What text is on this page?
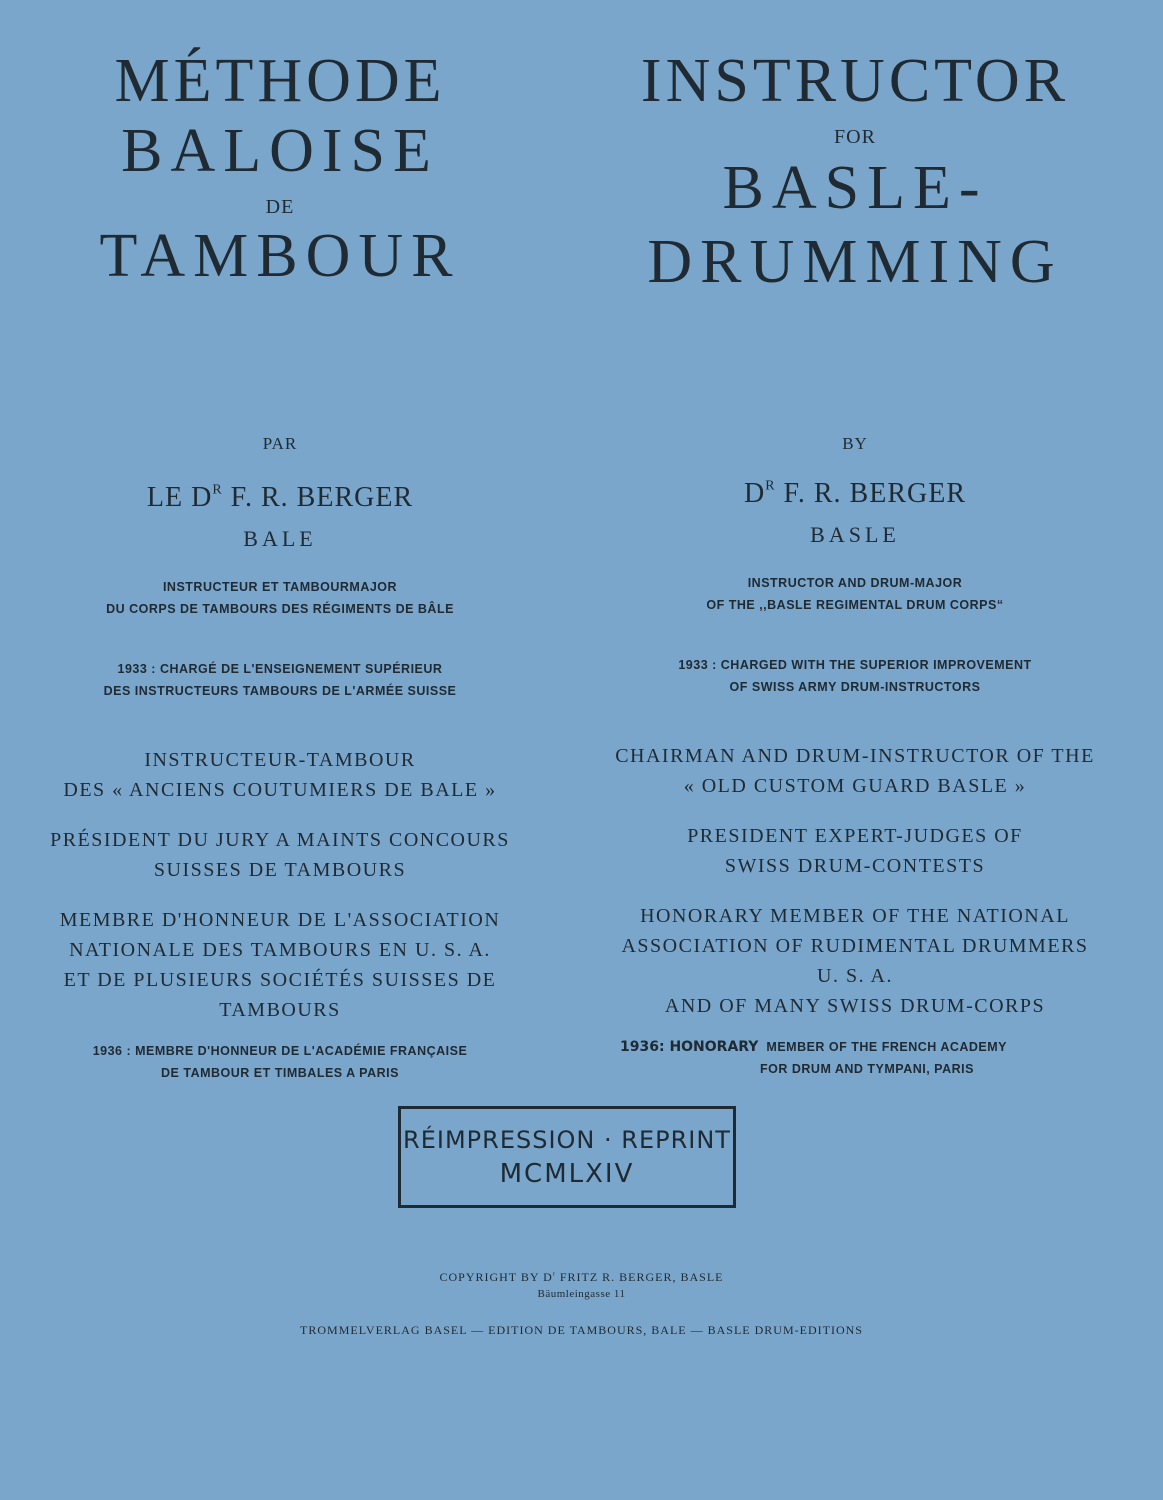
MÉTHODE
BALOISE
DE
TAMBOUR
PAR
LE $D^R$ F. R. BERGER
BALE
INSTRUCTEUR ET TAMBOURMAJOR
DU CORPS DE TAMBOURS DES RÉGIMENTS DE BÂLE
1933 : CHARGÉ DE L'ENSEIGNEMENT SUPÉRIEUR
DES INSTRUCTEURS TAMBOURS DE L'ARMÉE SUISSE
INSTRUCTEUR-TAMBOUR
DES « ANCIENS COUTUMIERS DE BALE »
PRÉSIDENT DU JURY A MAINTS CONCOURS
SUISSES DE TAMBOURS
MEMBRE D'HONNEUR DE L'ASSOCIATION
NATIONALE DES TAMBOURS EN U. S. A.
ET DE PLUSIEURS SOCIÉTÉS SUISSES DE
TAMBOURS
1936 : MEMBRE D'HONNEUR DE L'ACADÉMIE FRANÇAISE
DE TAMBOUR ET TIMBALES A PARIS
INSTRUCTOR
FOR
BASLE-
DRUMMING
BY
$D^R$ F. R. BERGER
BASLE
INSTRUCTOR AND DRUM-MAJOR
OF THE ,,BASLE REGIMENTAL DRUM CORPS“
1933 : CHARGED WITH THE SUPERIOR IMPROVEMENT
OF SWISS ARMY DRUM-INSTRUCTORS
CHAIRMAN AND DRUM-INSTRUCTOR OF THE
« OLD CUSTOM GUARD BASLE »
PRESIDENT EXPERT-JUDGES OF
SWISS DRUM-CONTESTS
HONORARY MEMBER OF THE NATIONAL
ASSOCIATION OF RUDIMENTAL DRUMMERS
U. S. A.
AND OF MANY SWISS DRUM-CORPS
1936: HONORARY MEMBER OF THE FRENCH ACADEMY
FOR DRUM AND TYMPANI, PARIS
RÉIMPRESSION · REPRINT
MCMLXIV
COPYRIGHT BY $D^r$ FRITZ R. BERGER, BASLE
Bäumleingasse 11
TROMMELVERLAG BASEL — EDITION DE TAMBOURS, BALE — BASLE DRUM-EDITIONS
